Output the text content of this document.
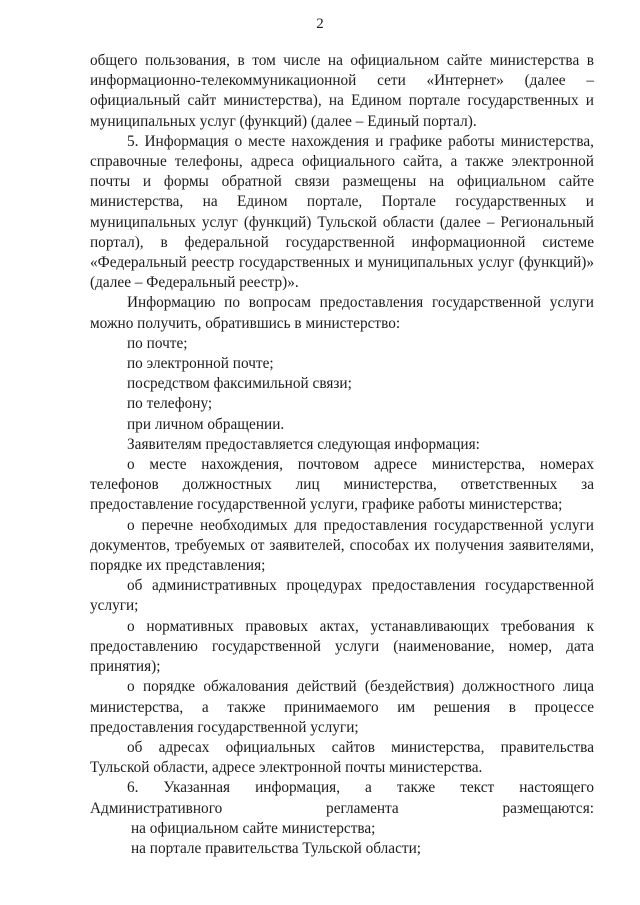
2

общего пользования, в том числе на официальном сайте министерства в информационно-телекоммуникационной сети «Интернет» (далее – официальный сайт министерства), на Едином портале государственных и муниципальных услуг (функций) (далее – Единый портал).

5. Информация о месте нахождения и графике работы министерства, справочные телефоны, адреса официального сайта, а также электронной почты и формы обратной связи размещены на официальном сайте министерства, на Едином портале, Портале государственных и муниципальных услуг (функций) Тульской области (далее – Региональный портал), в федеральной государственной информационной системе «Федеральный реестр государственных и муниципальных услуг (функций)» (далее – Федеральный реестр)».

Информацию по вопросам предоставления государственной услуги можно получить, обратившись в министерство:

по почте;

по электронной почте;

посредством факсимильной связи;

по телефону;

при личном обращении.

Заявителям предоставляется следующая информация:

о месте нахождения, почтовом адресе министерства, номерах телефонов должностных лиц министерства, ответственных за предоставление государственной услуги, графике работы министерства;

о перечне необходимых для предоставления государственной услуги документов, требуемых от заявителей, способах их получения заявителями, порядке их представления;

об административных процедурах предоставления государственной услуги;

о нормативных правовых актах, устанавливающих требования к предоставлению государственной услуги (наименование, номер, дата принятия);

о порядке обжалования действий (бездействия) должностного лица министерства, а также принимаемого им решения в процессе предоставления государственной услуги;

об адресах официальных сайтов министерства, правительства Тульской области, адресе электронной почты министерства.

6. Указанная информация, а также текст настоящего Административного регламента размещаются:

на официальном сайте министерства;

на портале правительства Тульской области;
